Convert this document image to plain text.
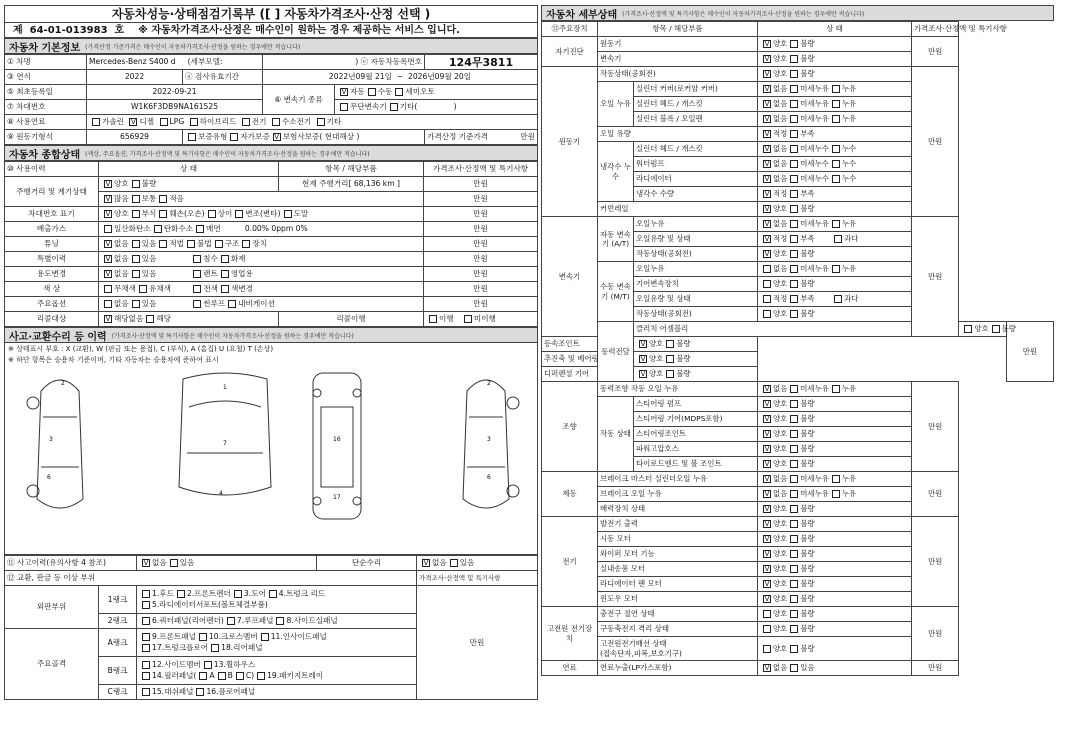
자동차성능·상태점검기록부 ([ ] 자동차가격조사·산정 선택 )
제 64-01-013983 호 ※ 자동차가격조사·산정은 매수인이 원하는 경우 제공하는 서비스 입니다.
자동차 기본정보 (가격산정 기준가격은 매수인이 자동차가격조사·산정을 원하는 경우에만 적습니다)
① 차명	Mercedes-Benz S400 d (세부모델:		) ⓔ 자동차등록번호		124무3811
③ 연식	2022	ⓐ 검사유효기간	2022년09월 21일 ~ 2026년09월 20일		
⑤ 최초등록일	2022-09-21		⑥ 변속기 종류	V 자동 수동 세미오토	
⑦ 차대번호	W1K6F3DB9NA161525			무단변속기 기타( )	
⑧ 사용연료	가솔린 V 디젤 LPG 하이브리드 전기 수소전기 기타				
⑨ 원동기형식	656929	보증유형 자가보증 V 보험사보증( 현대해상 )			가격산정 기준가격 만원
자동차 종합상태 (색상, 주요옵션, 가격조사·산정액 및 특기사항은 매수인이 자동차가격조사·산정을 원하는 경우에만 적습니다)
⑩ 사용이력	상 태	항목 / 해당부품	가격조사·산정액 및 특기사항
주행거리 및 계기상태	V 양호 불량	현재 주행거리[ 68,136 km ]	만원
	V 많음 보통 적음		만원
차대번호 표기	V 양호 부식 훼손(오손) 상이 변조(변타) 도말		만원
배출가스	일산화탄소 탄화수소 매연 0.00% 0ppm 0%		만원
튜닝	V 없음 있음 적법 불법 구조 장치		만원
특별이력	V 없음 있음 침수 화재		만원
용도변경	V 없음 있음 렌트 영업용		만원
색 상	무채색 유채색 전색 색변경		만원
주요옵션	없음 있음 썬루프 내비게이션		만원
리콜대상	V 해당없음 해당	리콜이행	이행 미이행
사고·교환수리 등 이력 (가격조사·산정액 및 특기사항은 매수인이 자동차가격조사·산정을 원하는 경우에만 적습니다)
※ 상태표시 부호 : X (교환), W (판금 또는 용접), C (부식), A (흠집) U (요철) T (손상)
※ 하단 항목은 승용차 기준이며, 기타 자동차는 승용차에 준하여 표시
3
6
2
1
7
4
16
17
3
6
2
⑪ 사고이력(유의사항 4 참조)		V 없음 있음	단순수리	V 없음 있음
⑫ 교환, 판금 등 이상 부위				가격조사·산정액 및 특기사항
외판부위	1랭크	1.후드 2.프론트펜더 3.도어 4.트렁크 리드
5.라디에이터서포트(볼트체결부품)		만원
	2랭크	6.쿼터패널(리어펜더) 7.루프패널 8.사이드실패널		
주요골격	A랭크	9.프론트패널 10.크로스멤버 11.인사이드패널
17.트렁크플로어 18.리어패널		
	B랭크	12.사이드멤버 13.휠하우스
14.필러패널( A B C) 19.패키지트레이		
	C랭크	15.대쉬패널 16.플로어패널		
자동차 세부상태 (가격조사·산정액 및 특기사항은 매수인이 자동차가격조사·산정을 원하는 경우에만 적습니다)
⑬주요장치	항목 / 해당부품		상 태	가격조사·산정액 및 특기사항		
자기진단	원동기		V 양호 불량	만원		
	변속기		V 양호 불량			
원동기	작동상태(공회전)		V 양호 불량	만원		
	오일 누유	실린더 커버(로커암 커버)	V 없음 미세누유 누유			
		실린더 헤드 / 개스킷	V 없음 미세누유 누유			
		실린더 블록 / 오일팬	V 없음 미세누유 누유			
	오일 유량		V 적정 부족			
	냉각수 누수	실린더 헤드 / 개스킷	V 없음 미세누수 누수			
		워터펌프	V 없음 미세누수 누수			
		라디에이터	V 없음 미세누수 누수			
		냉각수 수량	V 적정 부족			
	커먼레일		V 양호 불량			
변속기	자동 변속기 (A/T)	오일누유	V 없음 미세누유 누유	만원		
		오일유량 및 상태	V 적정 부족 과다			
		작동상태(공회전)	V 양호 불량			
	수동 변속기 (M/T)	오일누유	없음 미세누유 누유			
		기어변속장치	양호 불량			
		오일유량 및 상태	적정 부족 과다			
		작동상태(공회전)	양호 불량			
	동력전달	클러치 어셈블리			양호 불량	만원
등속조인트		V 양호 불량				
추진축 및 베어링		V 양호 불량				
디퍼렌셜 기어		V 양호 불량				
조향	동력조향 작동 오일 누유		V 없음 미세누유 누유	만원		
	작동 상태	스티어링 펌프	V 양호 불량			
		스티어링 기어(MDPS포함)	V 양호 불량			
		스티어링조인트	V 양호 불량			
		파워고압호스	V 양호 불량			
		타이로드엔드 및 볼 조인트	V 양호 불량			
제동	브레이크 마스터 실린더오일 누유		V 없음 미세누유 누유	만원		
	브레이크 오일 누유		V 없음 미세누유 누유			
	배력장치 상태		V 양호 불량			
전기	발전기 출력		V 양호 불량	만원		
	시동 모터		V 양호 불량			
	와이퍼 모터 기능		V 양호 불량			
	실내송풍 모터		V 양호 불량			
	라디에이터 팬 모터		V 양호 불량			
	윈도우 모터		V 양호 불량			
고전원 전기장치	충전구 절연 상태		양호 불량	만원		
	구동축전지 격리 상태		양호 불량			
	고전원전기배선 상태
(접속단자,피복,보호기구)		양호 불량			
연료	연료누출(LP가스포함)		V 없음 있음	만원		
